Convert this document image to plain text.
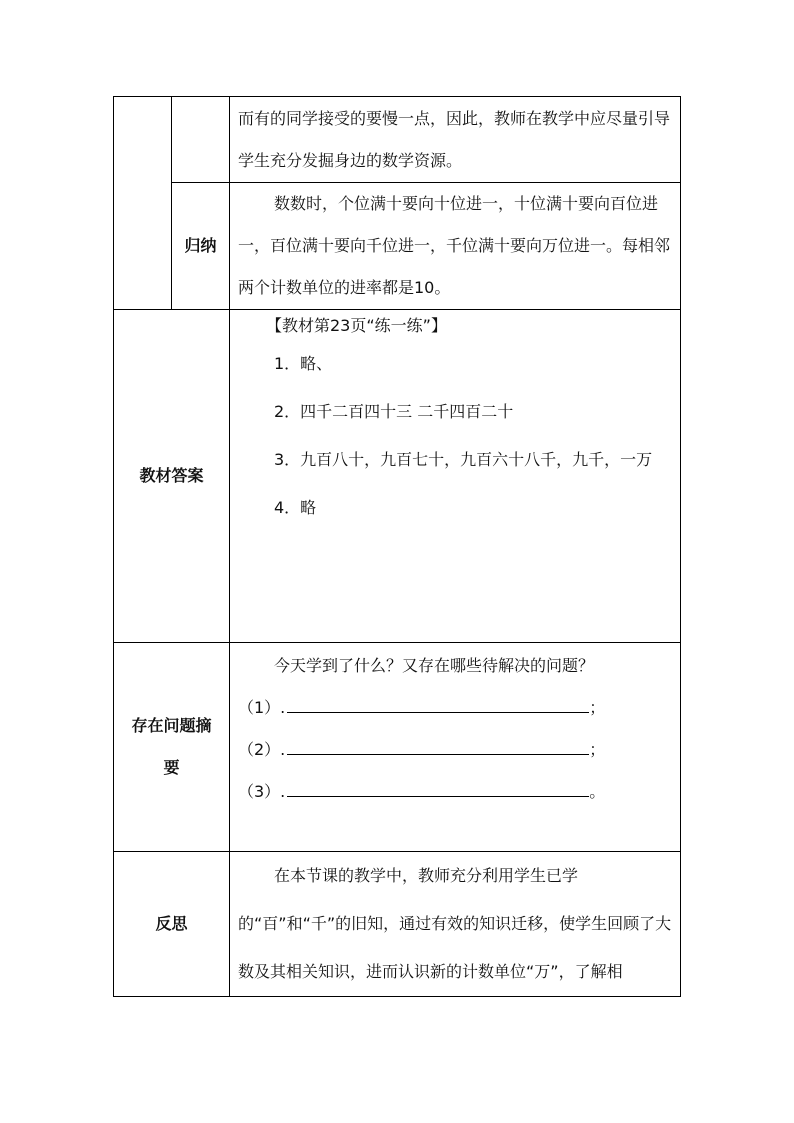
		而有的同学接受的要慢一点，因此，教师在教学中应尽量引导学生充分发掘身边的数学资源。

	归纳	数数时，个位满十要向十位进一，十位满十要向百位进一，百位满十要向千位进一，千位满十要向万位进一。每相邻两个计数单位的进率都是10。

教材答案		【教材第23页“练一练”】
1．略、
2．四千二百四十三 二千四百二十
3．九百八十，九百七十，九百六十八千，九千，一万
4．略

存在问题摘要		今天学到了什么？又存在哪些待解决的问题？
（1）. ；
（2）. ；
（3）. 。

反思		在本节课的教学中，教师充分利用学生已学的“百”和“千”的旧知，通过有效的知识迁移，使学生回顾了大数及其相关知识，进而认识新的计数单位“万”，了解相
